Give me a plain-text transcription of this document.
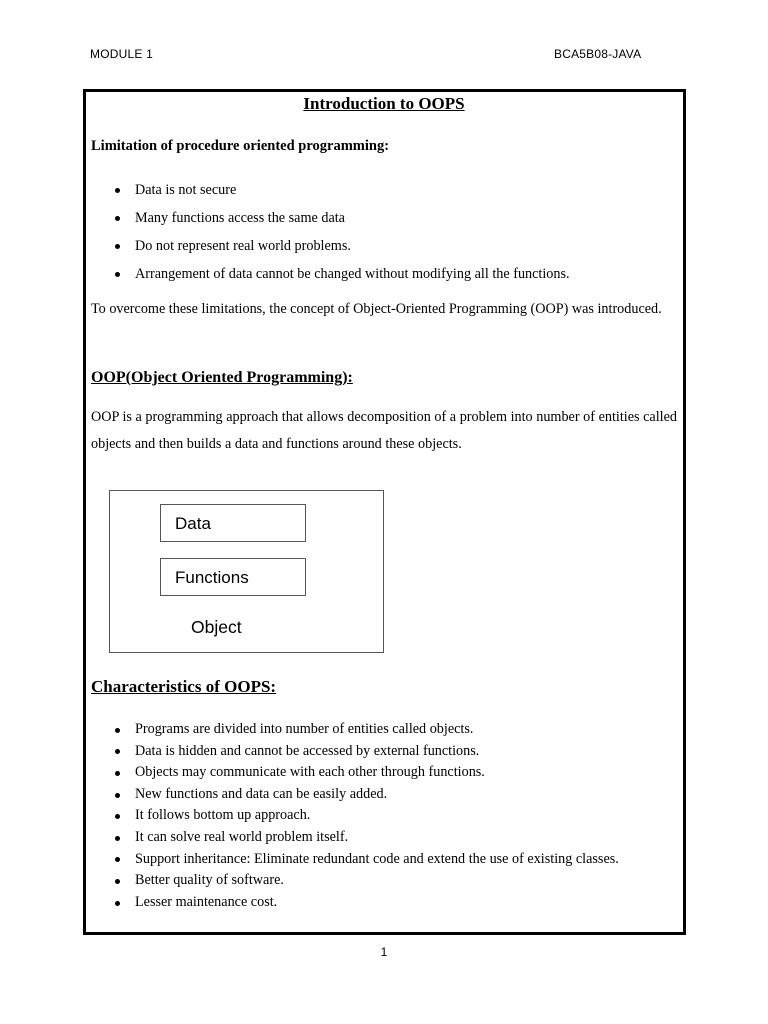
MODULE 1	BCA5B08-JAVA
Introduction to OOPS
Limitation of procedure oriented programming:
Data is not secure
Many functions access the same data
Do not represent real world problems.
Arrangement of data cannot be changed without modifying all the functions.

To overcome these limitations, the concept of Object-Oriented Programming (OOP) was introduced.

OOP(Object Oriented Programming):

OOP is a programming approach that allows decomposition of a problem into number of entities called objects and then builds a data and functions around these objects.

Data
Functions
Object
Characteristics of OOPS:
Programs are divided into number of entities called objects.
Data is hidden and cannot be accessed by external functions.
Objects may communicate with each other through functions.
New functions and data can be easily added.
It follows bottom up approach.
It can solve real world problem itself.
Support inheritance: Eliminate redundant code and extend the use of existing classes.
Better quality of software.
Lesser maintenance cost.
1
